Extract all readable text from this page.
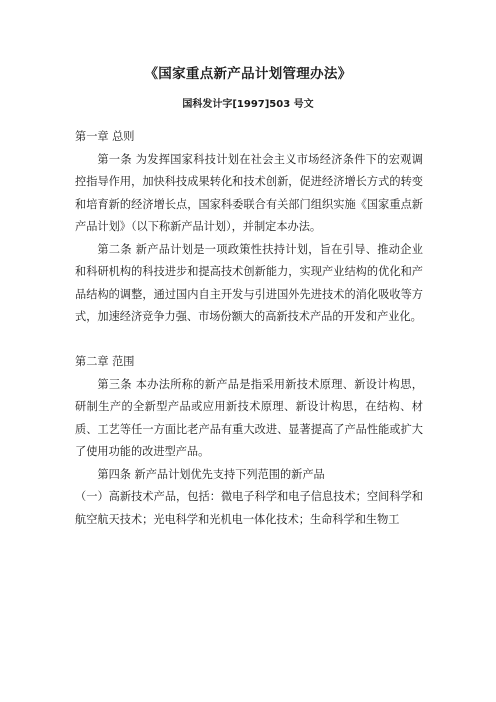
《国家重点新产品计划管理办法》
国科发计字[1997]503 号文

第一章 总则

第一条 为发挥国家科技计划在社会主义市场经济条件下的宏观调控指导作用，加快科技成果转化和技术创新，促进经济增长方式的转变和培育新的经济增长点，国家科委联合有关部门组织实施《国家重点新产品计划》（以下称新产品计划），并制定本办法。

第二条 新产品计划是一项政策性扶持计划，旨在引导、推动企业和科研机构的科技进步和提高技术创新能力，实现产业结构的优化和产品结构的调整，通过国内自主开发与引进国外先进技术的消化吸收等方式，加速经济竞争力强、市场份额大的高新技术产品的开发和产业化。

第二章 范围

第三条 本办法所称的新产品是指采用新技术原理、新设计构思，研制生产的全新型产品或应用新技术原理、新设计构思，在结构、材质、工艺等任一方面比老产品有重大改进、显著提高了产品性能或扩大了使用功能的改进型产品。

第四条 新产品计划优先支持下列范围的新产品

（一）高新技术产品，包括：微电子科学和电子信息技术；空间科学和航空航天技术；光电科学和光机电一体化技术；生命科学和生物工
